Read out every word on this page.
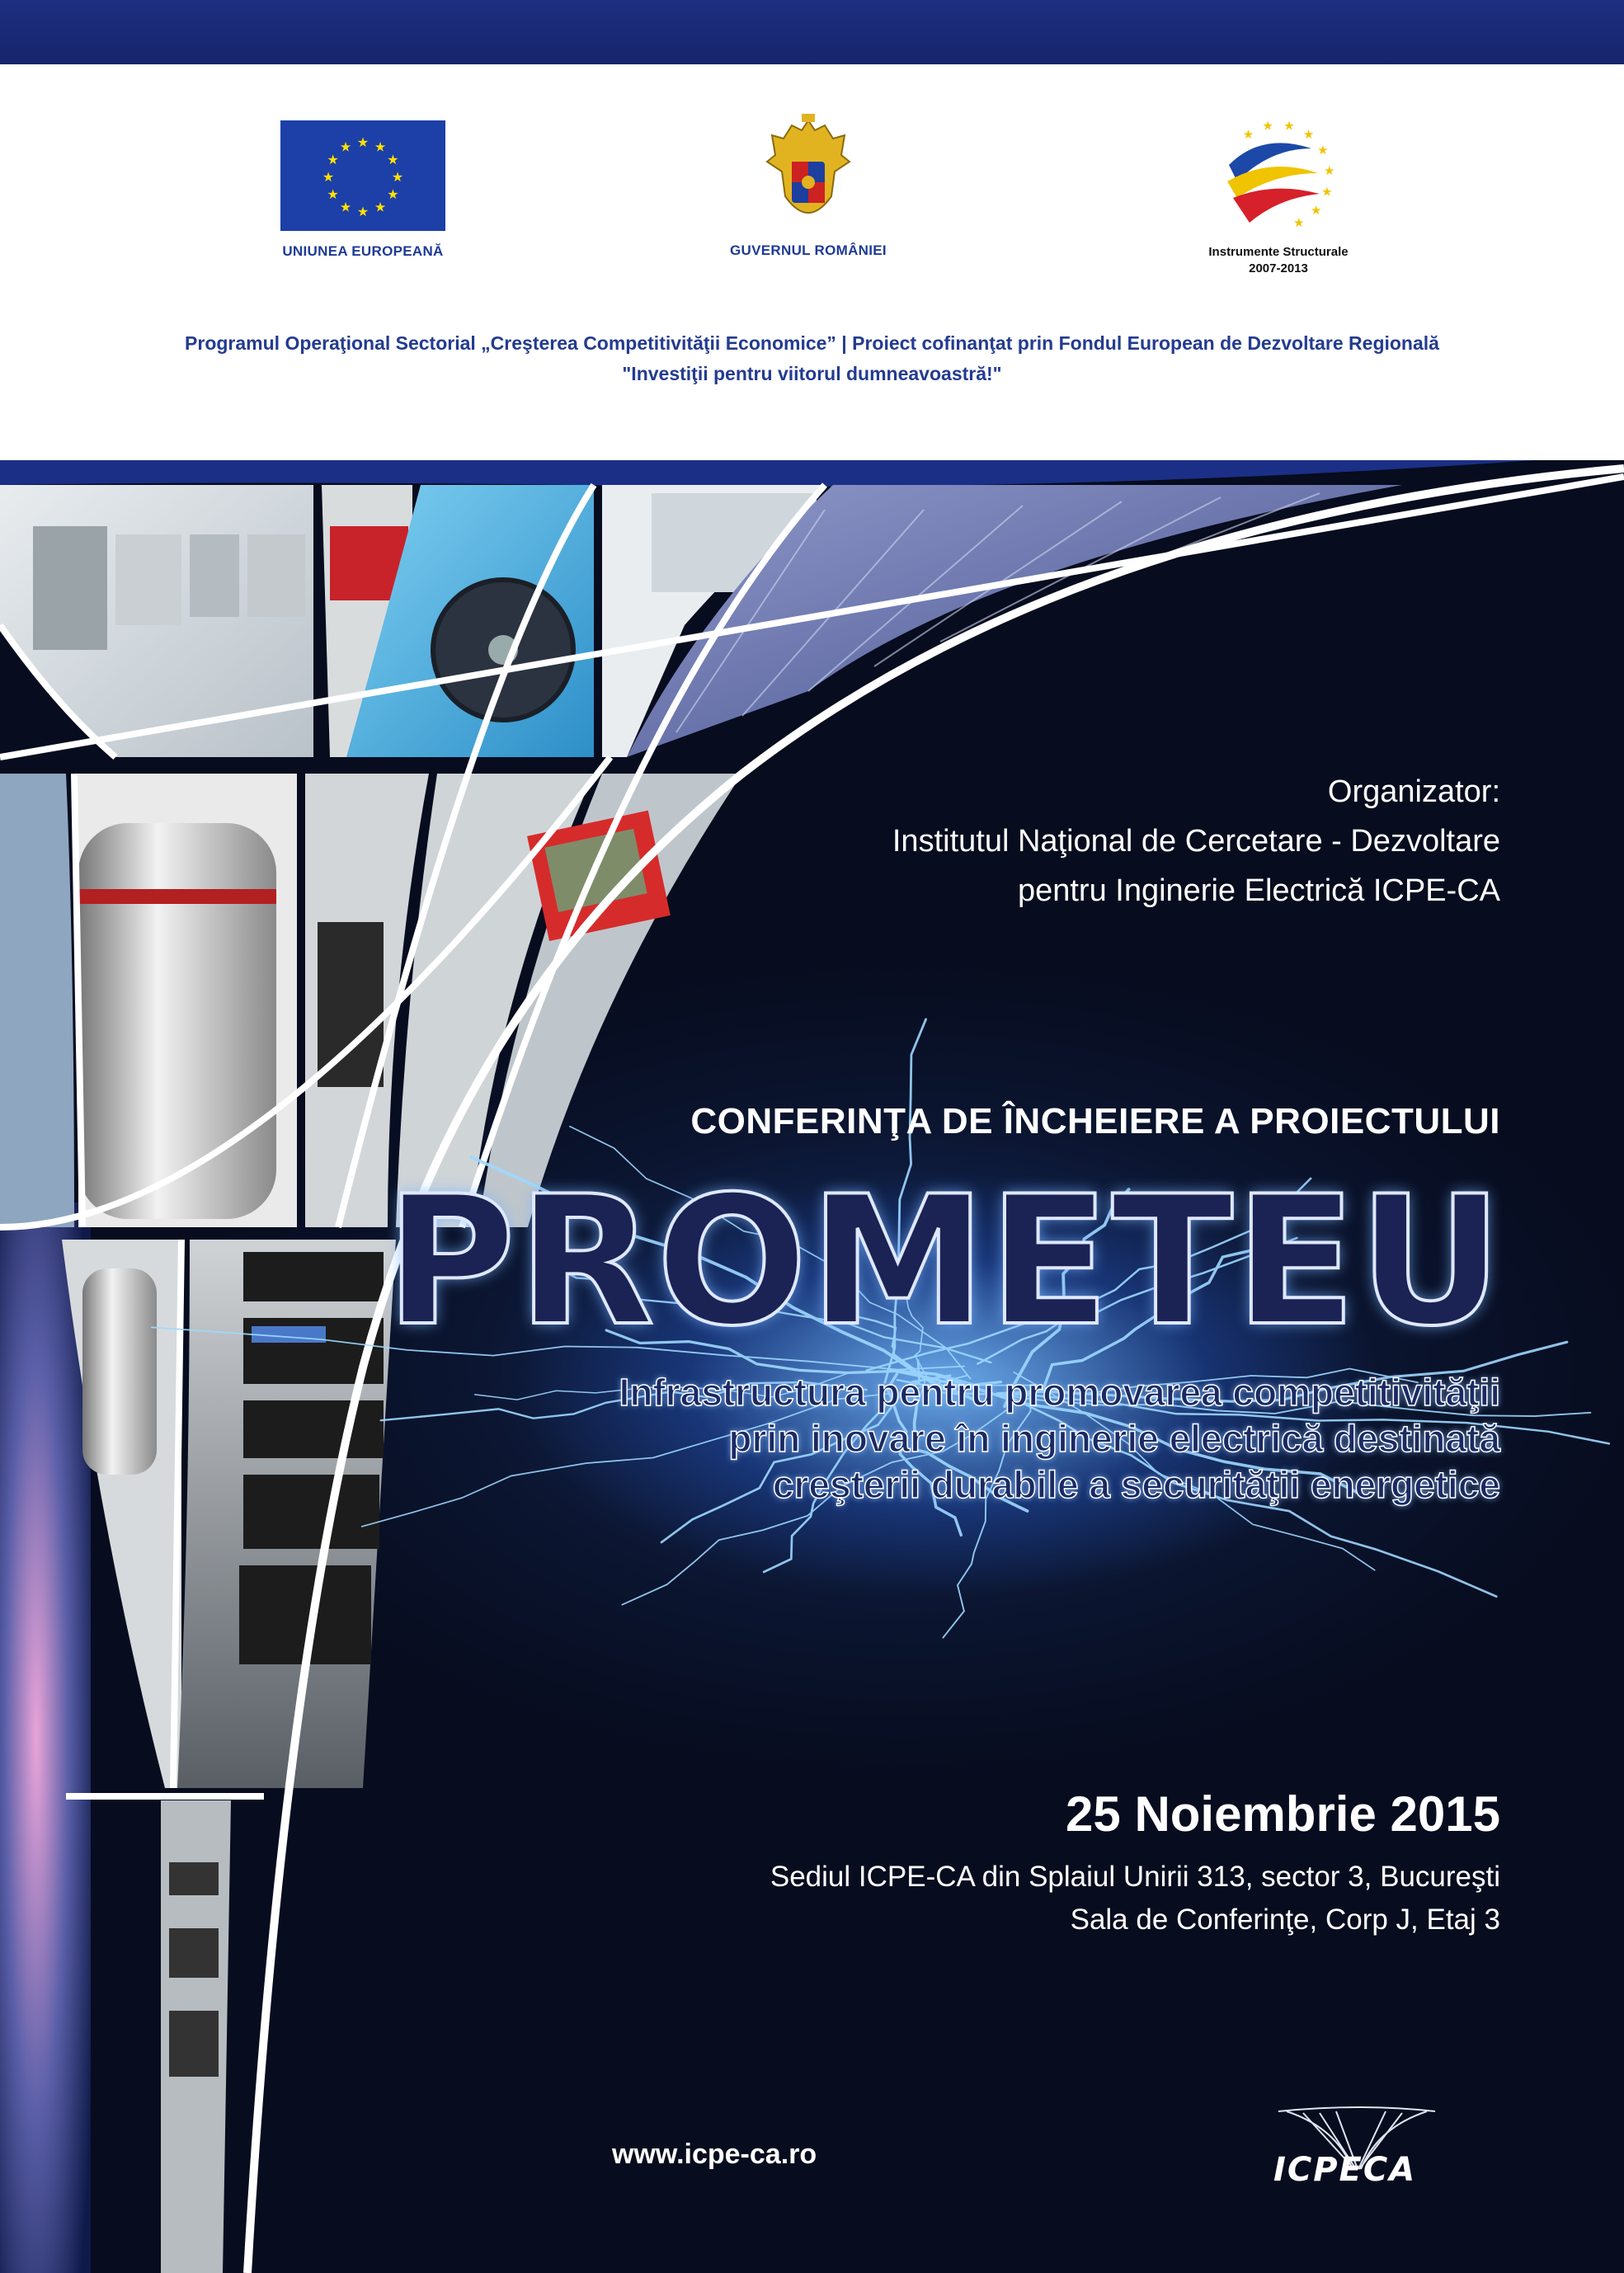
★ ★
★
★
★
★
★
★
★
★
★
★
UNIUNEA EUROPEANĂ	GUVERNUL ROMÂNIEI
★
★ ★
★
★
★
★
★
★
Instrumente Structurale
2007-2013
Programul Operaţional Sectorial „Creşterea Competitivităţii Economice” | Proiect cofinanţat prin Fondul European de Dezvoltare Regională
"Investiţii pentru viitorul dumneavoastră!"
Organizator:
Institutul Naţional de Cercetare - Dezvoltare
pentru Inginerie Electrică ICPE-CA
CONFERINŢA DE ÎNCHEIERE A PROIECTULUI
PROMETEU
Infrastructura pentru promovarea competitivităţii
prin inovare în inginerie electrică destinată
creşterii durabile a securităţii energetice
25 Noiembrie 2015
Sediul ICPE-CA din Splaiul Unirii 313, sector 3, Bucureşti
Sala de Conferinţe, Corp J, Etaj 3
www.icpe-ca.ro	ICPECA
